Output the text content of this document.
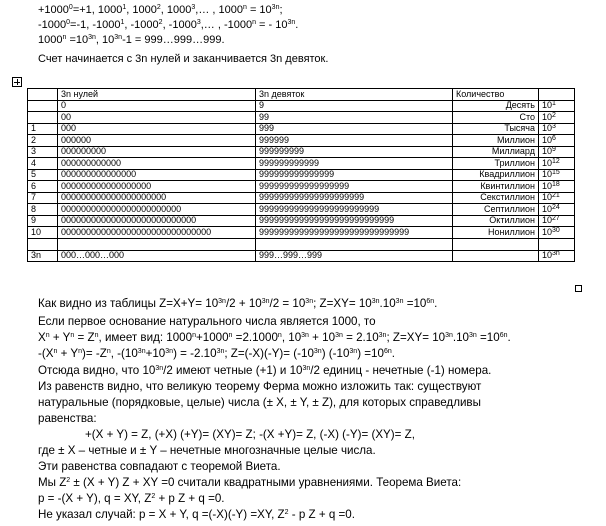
$+1000^0=+1$, 1000$^1$, 1000$^2$, 1000$^3$,… , $1000^n = 10^{3n}$;
$-1000^0=-1$, -1000$^1$, -1000$^2$, -1000$^3$,… , $-1000^n$ = - $10^{3n}$.
$1000^n =10^{3n}$, $10^{3n}-1$ = 999…999…999.
Счет начинается с 3n нулей и заканчивается 3n девяток.
	3n нулей	3n девяток	Количество	
	0	9	Десять	$10^1$
	00	99	Сто	$10^2$
1	000	999	Тысяча	$10^3$
2	000000	999999	Миллион	$10^6$
3	000000000	999999999	Миллиард	$10^9$
4	000000000000	999999999999	Триллион	$10^{12}$
5	000000000000000	999999999999999	Квадриллион	$10^{15}$
6	000000000000000000	999999999999999999	Квинтиллион	$10^{18}$
7	000000000000000000000	999999999999999999999	Секстиллион	$10^{21}$
8	000000000000000000000000	999999999999999999999999	Септиллион	$10^{24}$
9	000000000000000000000000000	999999999999999999999999999	Октиллион	$10^{27}$
10	000000000000000000000000000000	999999999999999999999999999999	Нониллион	$10^{30}$

3n	000…000…000	999…999…999		$10^{3n}$
Как видно из таблицы $Z=X+Y= 10^{3n}/2 + 10^{3n}/2 = 10^{3n}$; $Z=XY= 10^{3n}.10^{3n} =10^{6n}$.
Если первое основание натурального числа является 1000, то
$X^n + Y^n = Z^n$, имеет вид: $1000^n+1000^n =2.1000^n$, $10^{3n} + 10^{3n} = 2.10^{3n}$; $Z=XY= 10^{3n}.10^{3n} =10^{6n}$.
$-(X^n + Y^n)= -Z^n$, $-(10^{3n}+10^{3n}) = -2.10^{3n}$; $Z=(-X)(-Y)= (-10^{3n})$ $(-10^{3n}) =10^{6n}$.
Отсюда видно, что $10^{3n}/2$ имеют четные (+1) и $10^{3n}/2$ единиц - нечетные (-1) номера.
Из равенств видно, что великую теорему Ферма можно изложить так: существуют
натуральные (порядковые, целые) числа (± X, ± Y, ± Z), для которых справедливы
равенства:
+(X + Y) = Z, (+X) (+Y)= (XY)= Z; -(X +Y)= Z, (-X) (-Y)= (XY)= Z,
где ± X – четные и ± Y – нечетные многозначные целые числа.
Эти равенства совпадают с теоремой Виета.
Мы $Z^2 \pm (X + Y) Z$ + XY =0 считали квадратными уравнениями. Теорема Виета:
p = -(X + Y), q = XY, $Z^2 + p$ Z + q =0.
Не указал случай: p = X + Y, q =(-X)(-Y) =XY, $Z^2$ - p Z + q =0.
